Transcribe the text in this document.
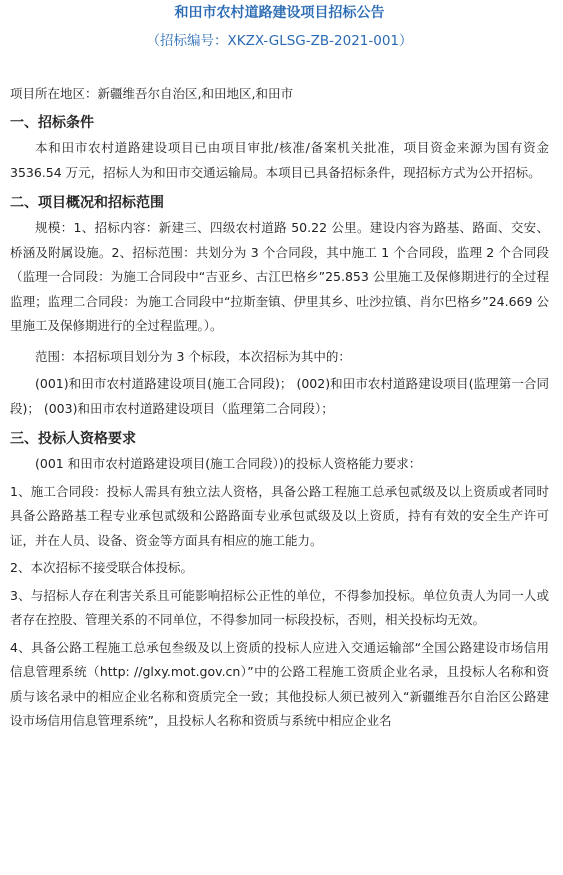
和田市农村道路建设项目招标公告

（招标编号：XKZX-GLSG-ZB-2021-001）

项目所在地区：新疆维吾尔自治区,和田地区,和田市

一、招标条件

本和田市农村道路建设项目已由项目审批/核准/备案机关批准，项目资金来源为国有资金 3536.54 万元，招标人为和田市交通运输局。本项目已具备招标条件，现招标方式为公开招标。

二、项目概况和招标范围

规模：1、招标内容：新建三、四级农村道路 50.22 公里。建设内容为路基、路面、交安、桥涵及附属设施。2、招标范围：共划分为 3 个合同段，其中施工 1 个合同段，监理 2 个合同段（监理一合同段：为施工合同段中“吉亚乡、古江巴格乡”25.853 公里施工及保修期进行的全过程监理；监理二合同段：为施工合同段中“拉斯奎镇、伊里其乡、吐沙拉镇、肖尔巴格乡”24.669 公里施工及保修期进行的全过程监理。）。

范围：本招标项目划分为 3 个标段，本次招标为其中的：

(001)和田市农村道路建设项目(施工合同段)； (002)和田市农村道路建设项目(监理第一合同段)； (003)和田市农村道路建设项目（监理第二合同段）；

三、投标人资格要求

(001 和田市农村道路建设项目(施工合同段）)的投标人资格能力要求：

1、施工合同段：投标人需具有独立法人资格，具备公路工程施工总承包贰级及以上资质或者同时具备公路路基工程专业承包贰级和公路路面专业承包贰级及以上资质，持有有效的安全生产许可证，并在人员、设备、资金等方面具有相应的施工能力。

2、本次招标不接受联合体投标。

3、与招标人存在利害关系且可能影响招标公正性的单位，不得参加投标。单位负责人为同一人或者存在控股、管理关系的不同单位，不得参加同一标段投标，否则，相关投标均无效。

4、具备公路工程施工总承包叁级及以上资质的投标人应进入交通运输部“全国公路建设市场信用信息管理系统（http: //glxy.mot.gov.cn）”中的公路工程施工资质企业名录，且投标人名称和资质与该名录中的相应企业名称和资质完全一致；其他投标人须已被列入“新疆维吾尔自治区公路建设市场信用信息管理系统”，且投标人名称和资质与系统中相应企业名
